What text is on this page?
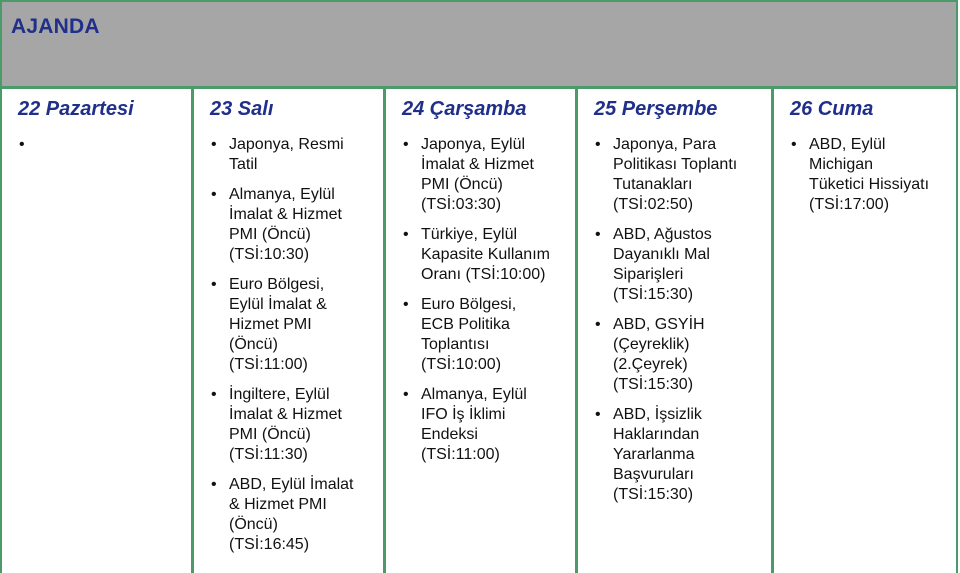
AJANDA
22 Pazartesi
•
23 Salı
• Japonya, Resmi
Tatil
• Almanya, Eylül
İmalat & Hizmet
PMI (Öncü)
(TSİ:10:30)
• Euro Bölgesi,
Eylül İmalat &
Hizmet PMI
(Öncü)
(TSİ:11:00)
• İngiltere, Eylül
İmalat & Hizmet
PMI (Öncü)
(TSİ:11:30)
• ABD, Eylül İmalat
& Hizmet PMI
(Öncü)
(TSİ:16:45)
24 Çarşamba
• Japonya, Eylül
İmalat & Hizmet
PMI (Öncü)
(TSİ:03:30)
• Türkiye, Eylül
Kapasite Kullanım
Oranı (TSİ:10:00)
• Euro Bölgesi,
ECB Politika
Toplantısı
(TSİ:10:00)
• Almanya, Eylül
IFO İş İklimi
Endeksi
(TSİ:11:00)
25 Perşembe
• Japonya, Para
Politikası Toplantı
Tutanakları
(TSİ:02:50)
• ABD, Ağustos
Dayanıklı Mal
Siparişleri
(TSİ:15:30)
• ABD, GSYİH
(Çeyreklik)
(2.Çeyrek)
(TSİ:15:30)
• ABD, İşsizlik
Haklarından
Yararlanma
Başvuruları
(TSİ:15:30)
26 Cuma
• ABD, Eylül
Michigan
Tüketici Hissiyatı
(TSİ:17:00)
